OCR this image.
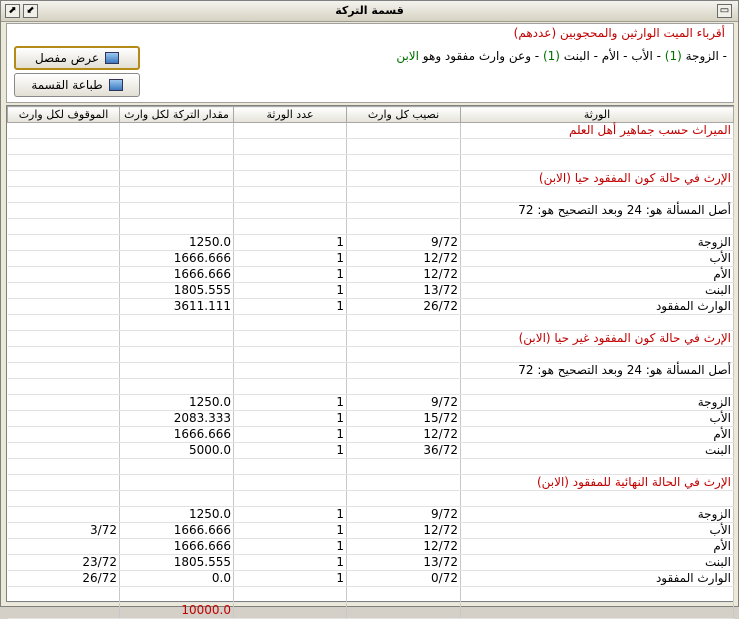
⬈ ⬋	قسمة التركة	▭
أقرباء الميت الوارثين والمحجوبين (عددهم)
- الزوجة (1) - الأب - الأم - البنت (1) - وعن وارث مفقود وهو الابن
عرض مفصل
طباعة القسمة
الموقوف لكل وارث	مقدار التركة لكل وارث	عدد الورثة	نصيب كل وارث	الورثة
				الميراث حسب جماهير أهل العلم

				الإرث في حالة كون المفقود حيا (الابن)

				أصل المسألة هو: 24 وبعد التصحيح هو: 72

	1250.0	1	9/72	الزوجة
	1666.666	1	12/72	الأب
	1666.666	1	12/72	الأم
	1805.555	1	13/72	البنت
	3611.111	1	26/72	الوارث المفقود

				الإرث في حالة كون المفقود غير حيا (الابن)

				أصل المسألة هو: 24 وبعد التصحيح هو: 72

	1250.0	1	9/72	الزوجة
	2083.333	1	15/72	الأب
	1666.666	1	12/72	الأم
	5000.0	1	36/72	البنت

				الإرث في الحالة النهائية للمفقود (الابن)

	1250.0	1	9/72	الزوجة
3/72	1666.666	1	12/72	الأب
	1666.666	1	12/72	الأم
23/72	1805.555	1	13/72	البنت
26/72	0.0	1	0/72	الوارث المفقود

	10000.0			
